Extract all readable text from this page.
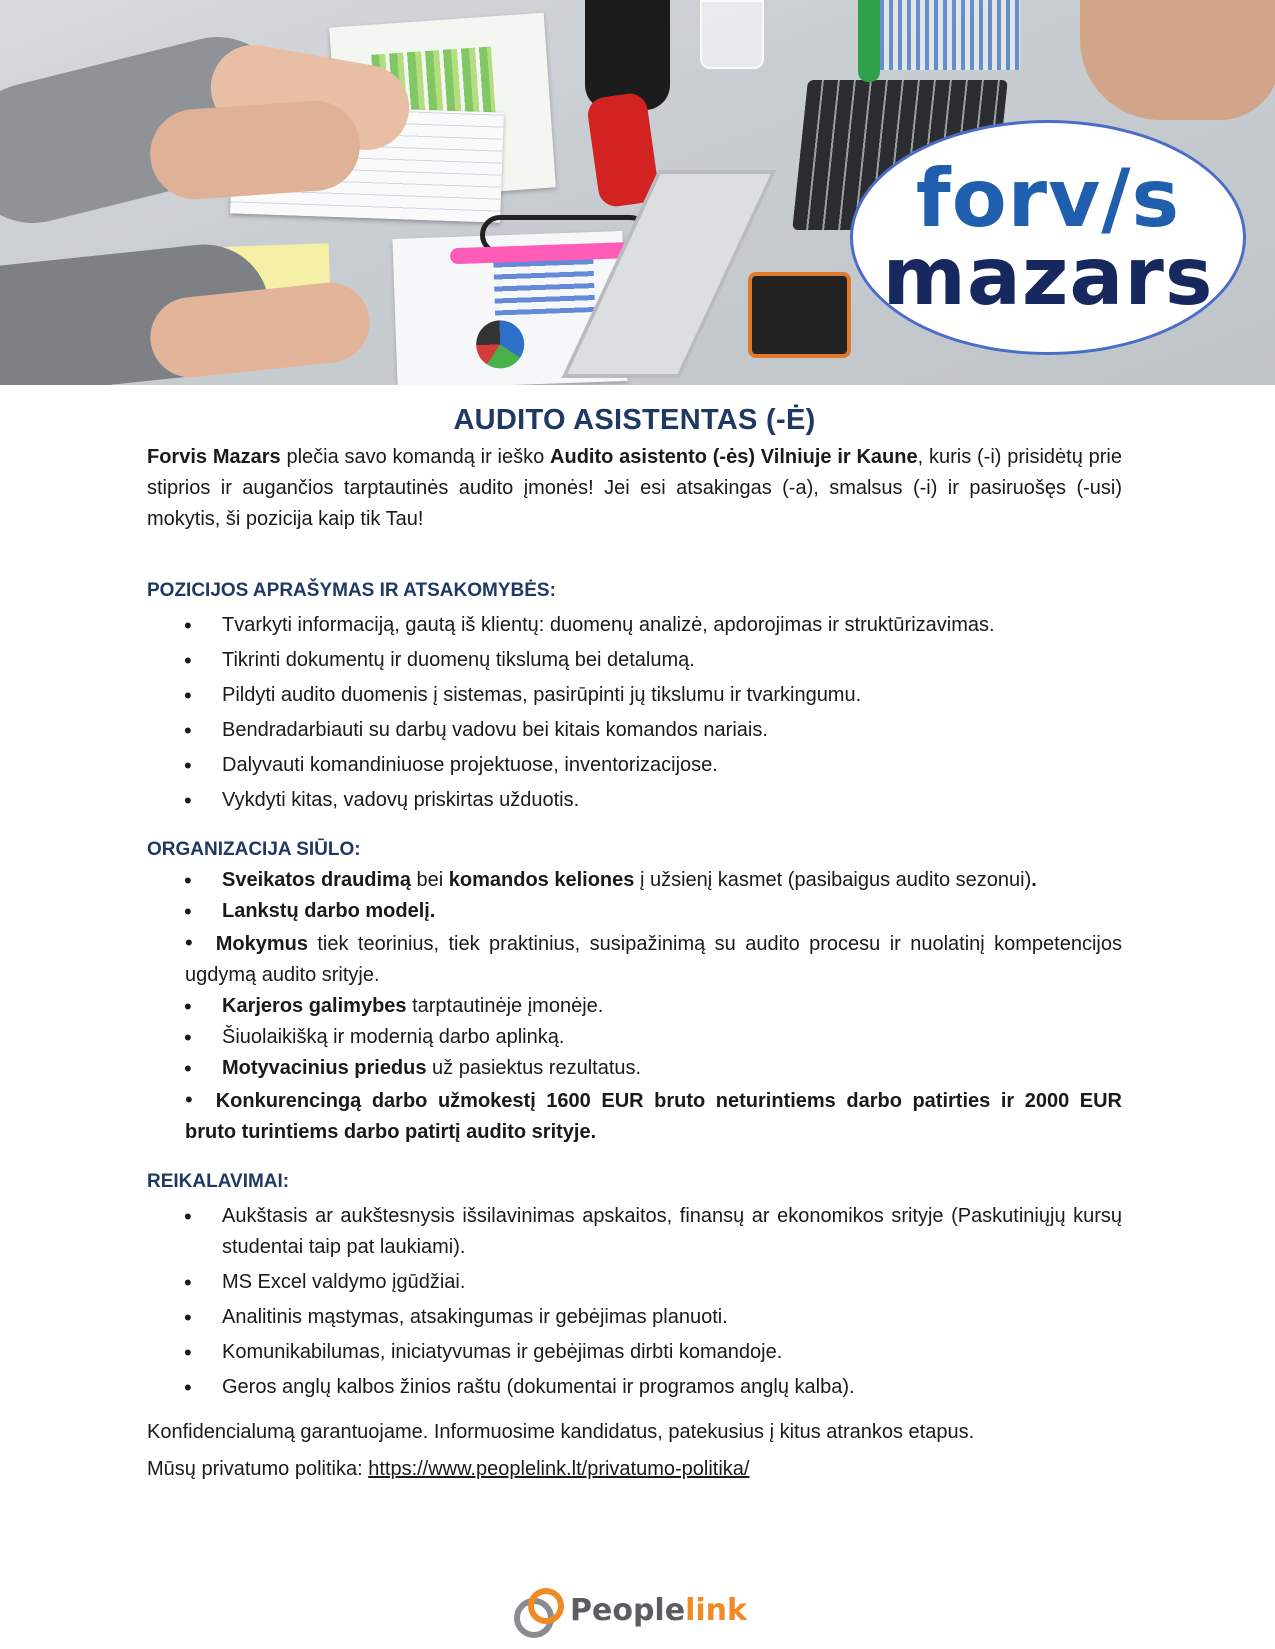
forv/s
mazars
AUDITO ASISTENTAS (-Ė)

Forvis Mazars plečia savo komandą ir ieško Audito asistento (-ės) Vilniuje ir Kaune, kuris (-i) prisidėtų prie stiprios ir augančios tarptautinės audito įmonės! Jei esi atsakingas (-a), smalsus (-i) ir pasiruošęs (-usi) mokytis, ši pozicija kaip tik Tau!

POZICIJOS APRAŠYMAS IR ATSAKOMYBĖS:
• Tvarkyti informaciją, gautą iš klientų: duomenų analizė, apdorojimas ir struktūrizavimas.
• Tikrinti dokumentų ir duomenų tikslumą bei detalumą.
• Pildyti audito duomenis į sistemas, pasirūpinti jų tikslumu ir tvarkingumu.
• Bendradarbiauti su darbų vadovu bei kitais komandos nariais.
• Dalyvauti komandiniuose projektuose, inventorizacijose.
• Vykdyti kitas, vadovų priskirtas užduotis.
ORGANIZACIJA SIŪLO:
• Sveikatos draudimą bei komandos keliones į užsienį kasmet (pasibaigus audito sezonui).
• Lankstų darbo modelį.
• Mokymus tiek teorinius, tiek praktinius, susipažinimą su audito procesu ir nuolatinį kompetencijos ugdymą audito srityje.
• Karjeros galimybes tarptautinėje įmonėje.
• Šiuolaikišką ir modernią darbo aplinką.
• Motyvacinius priedus už pasiektus rezultatus.
• Konkurencingą darbo užmokestį 1600 EUR bruto neturintiems darbo patirties ir 2000 EUR bruto turintiems darbo patirtį audito srityje.
REIKALAVIMAI:
• Aukštasis ar aukštesnysis išsilavinimas apskaitos, finansų ar ekonomikos srityje (Paskutiniųjų kursų studentai taip pat laukiami).
• MS Excel valdymo įgūdžiai.
• Analitinis mąstymas, atsakingumas ir gebėjimas planuoti.
• Komunikabilumas, iniciatyvumas ir gebėjimas dirbti komandoje.
• Geros anglų kalbos žinios raštu (dokumentai ir programos anglų kalba).

Konfidencialumą garantuojame. Informuosime kandidatus, patekusius į kitus atrankos etapus.

Mūsų privatumo politika: https://www.peoplelink.lt/privatumo-politika/

Peoplelink
